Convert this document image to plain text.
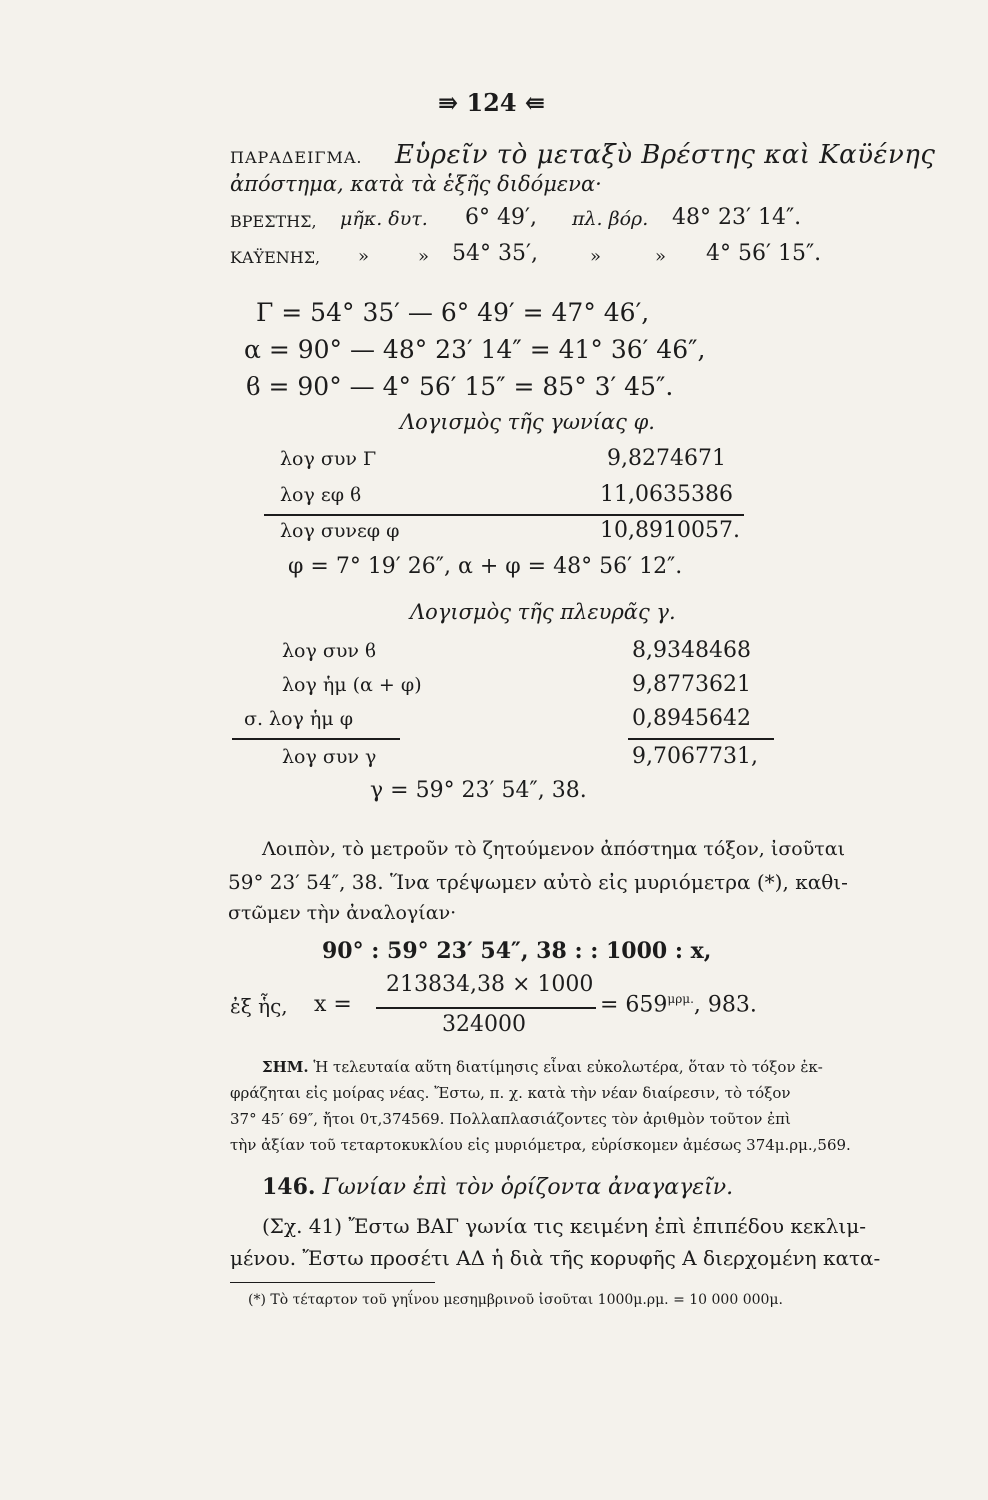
⇛ 124 ⇚
ΠΑΡΑΔΕΙΓΜΑ. Εὑρεῖν τὸ μεταξὺ Βρέστης καὶ Καϋένης
ἀπόστημα, κατὰ τὰ ἑξῆς διδόμενα·
ΒΡΕΣΤΗΣ, μῆκ. δυτ. 6° 49′, πλ. βόρ. 48° 23′ 14″.
ΚΑΫΕΝΗΣ, »	» 54° 35′,	»	» 4° 56′ 15″.
Γ = 54° 35′ — 6° 49′ = 47° 46′,
α = 90° — 48° 23′ 14″ = 41° 36′ 46″,
ϐ = 90° — 4° 56′ 15″ = 85° 3′ 45″.
Λογισμὸς τῆς γωνίας φ.
λογ συν Γ	9,8274671
λογ εφ ϐ	11,0635386
λογ συνεφ φ	10,8910057.
φ = 7° 19′ 26″, α + φ = 48° 56′ 12″.
Λογισμὸς τῆς πλευρᾶς γ.
λογ συν ϐ	8,9348468
λογ ἡμ (α + φ)	9,8773621
σ. λογ ἡμ φ	0,8945642
λογ συν γ	9,7067731,
γ = 59° 23′ 54″, 38.
Λοιπὸν, τὸ μετροῦν τὸ ζητούμενον ἀπόστημα τόξον, ἰσοῦται
59° 23′ 54″, 38. Ἵνα τρέψωμεν αὐτὸ εἰς μυριόμετρα (*), καθι-
στῶμεν τὴν ἀναλογίαν·
90° : 59° 23′ 54″, 38 : : 1000 : x,
ἐξ ἧς, x =
213834,38 × 1000
324000
= $659^{\mu\rho\mu.}$, 983.
ΣΗΜ. Ἡ τελευταία αὕτη διατίμησις εἶναι εὐκολωτέρα, ὅταν τὸ τόξον ἐκ-
φράζηται εἰς μοίρας νέας. Ἔστω, π. χ. κατὰ τὴν νέαν διαίρεσιν, τὸ τόξον
37° 45′ 69″, ἤτοι 0τ,374569. Πολλαπλασιάζοντες τὸν ἀριθμὸν τοῦτον ἐπὶ
τὴν ἀξίαν τοῦ τεταρτοκυκλίου εἰς μυριόμετρα, εὑρίσκομεν ἀμέσως 374μ.ρμ.,569.
146. Γωνίαν ἐπὶ τὸν ὁρίζοντα ἀναγαγεῖν.
(Σχ. 41) Ἔστω ΒΑΓ γωνία τις κειμένη ἐπὶ ἐπιπέδου κεκλιμ-
μένου. Ἔστω προσέτι ΑΔ ἡ διὰ τῆς κορυφῆς Α διερχομένη κατα-
(*) Τὸ τέταρτον τοῦ γηΐνου μεσημβρινοῦ ἰσοῦται 1000μ.ρμ. = 10 000 000μ.
